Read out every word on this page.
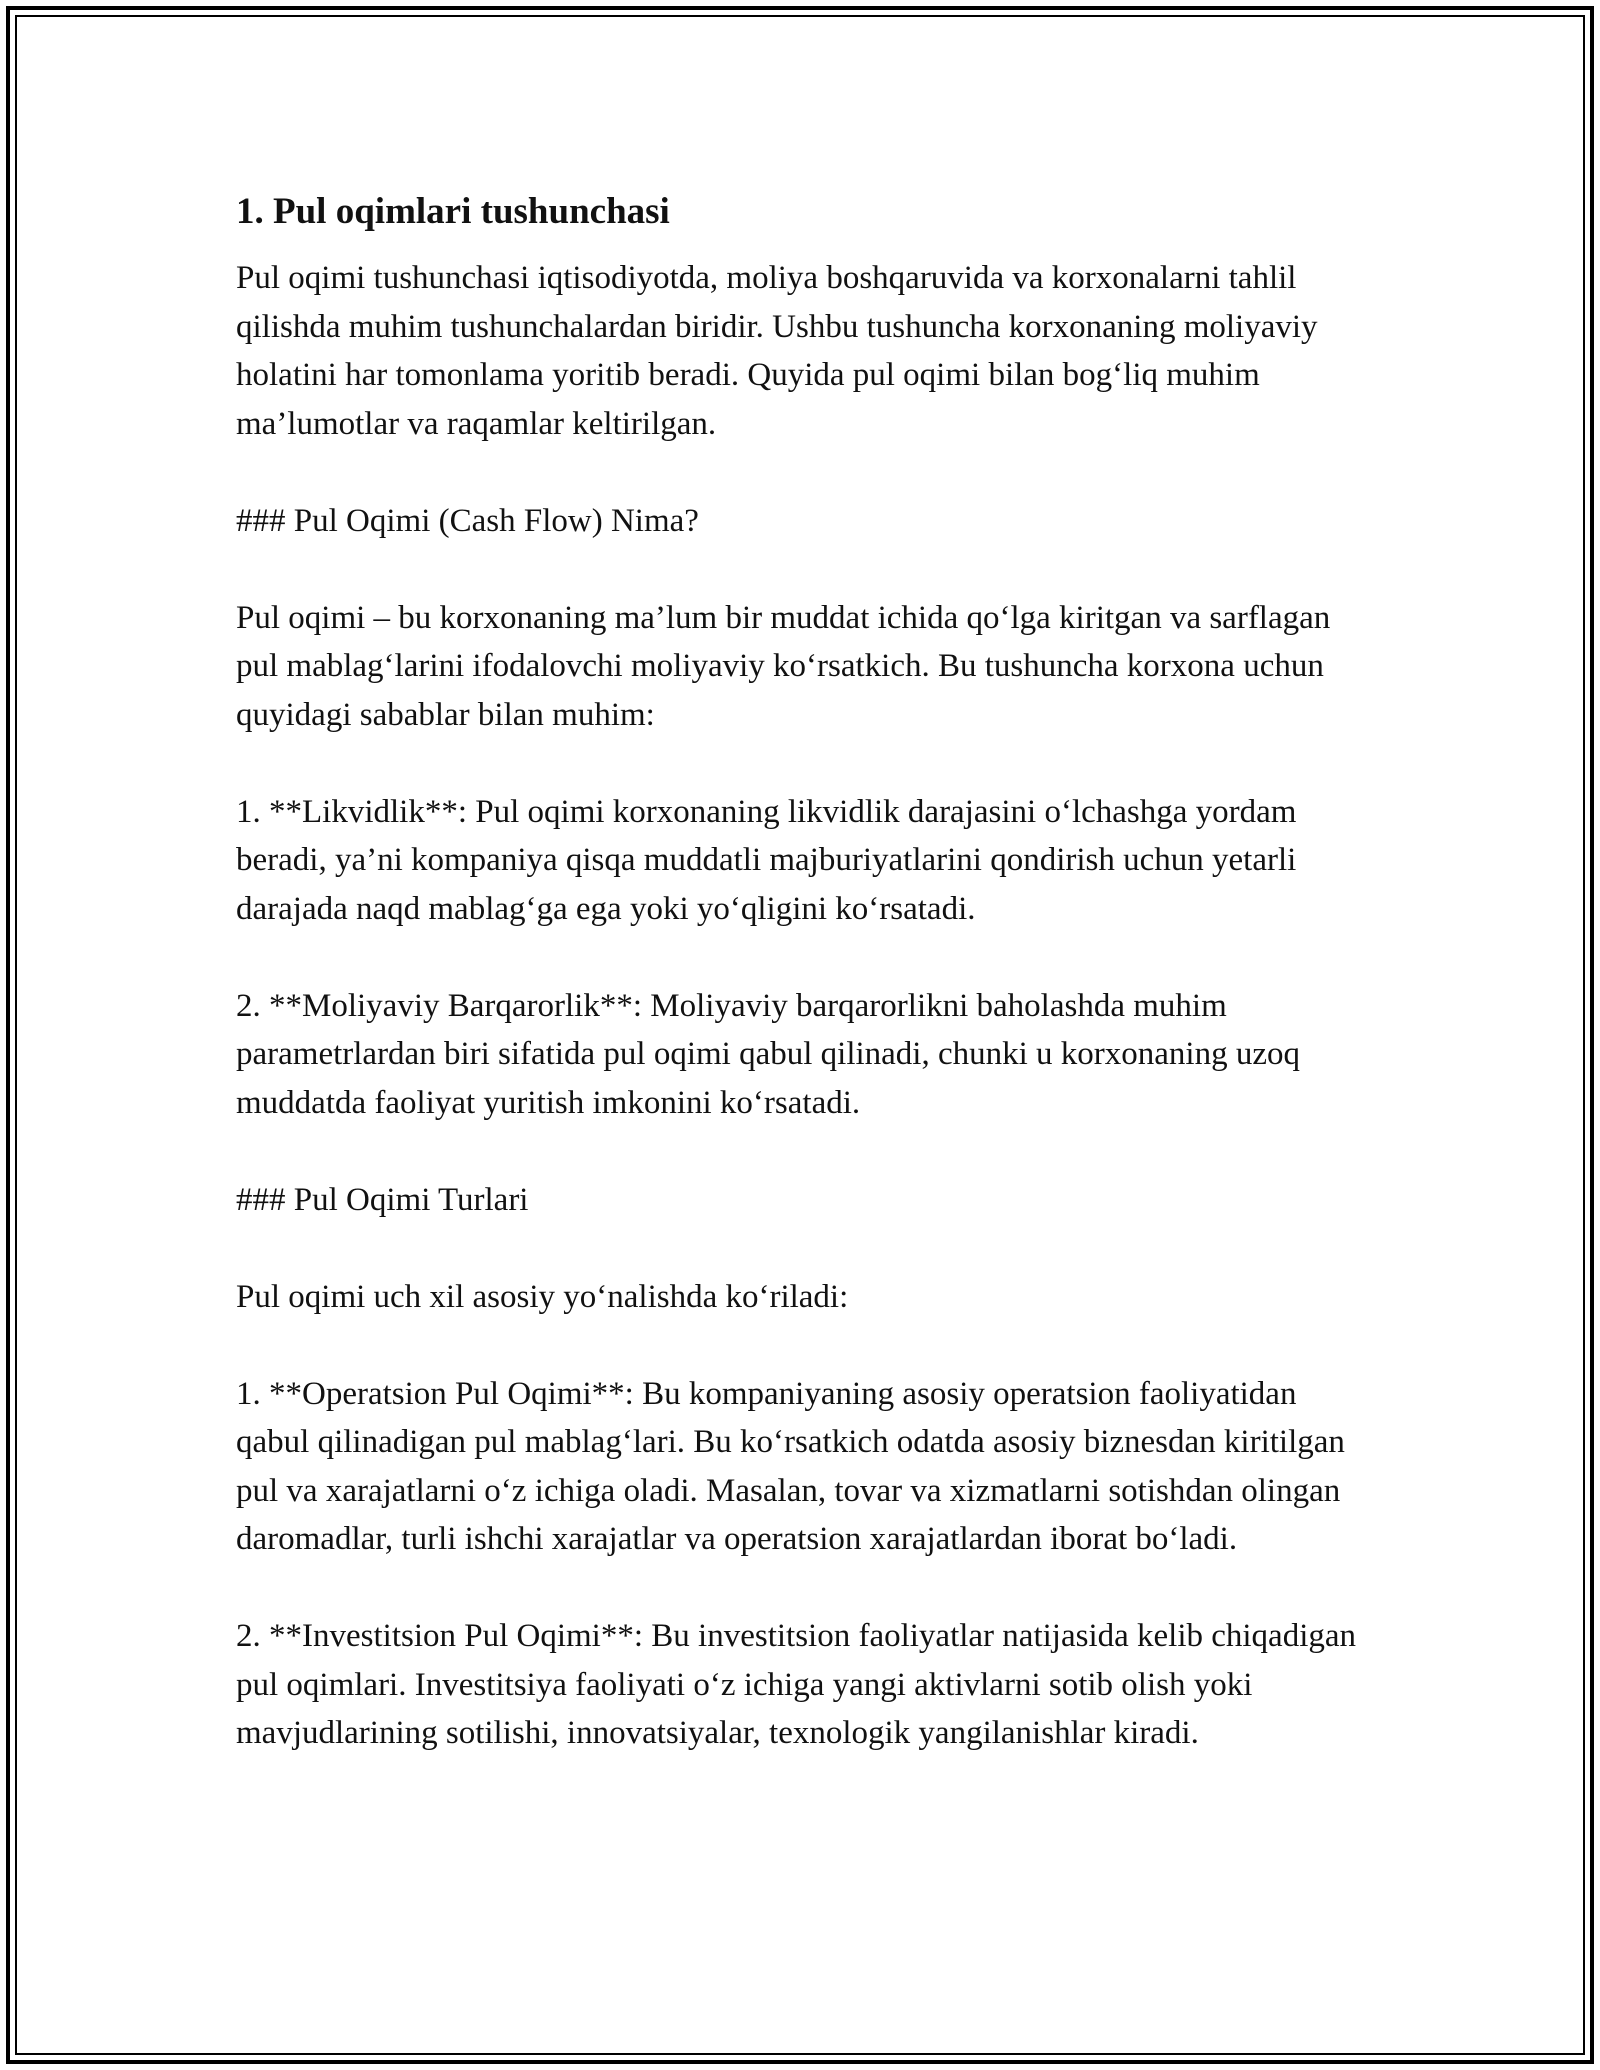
1. Pul oqimlari tushunchasi

Pul oqimi tushunchasi iqtisodiyotda, moliya boshqaruvida va korxonalarni tahlil qilishda muhim tushunchalardan biridir. Ushbu tushuncha korxonaning moliyaviy holatini har tomonlama yoritib beradi. Quyida pul oqimi bilan bog‘liq muhim ma’lumotlar va raqamlar keltirilgan.

### Pul Oqimi (Cash Flow) Nima?

Pul oqimi – bu korxonaning ma’lum bir muddat ichida qo‘lga kiritgan va sarflagan pul mablag‘larini ifodalovchi moliyaviy ko‘rsatkich. Bu tushuncha korxona uchun quyidagi sabablar bilan muhim:

1. **Likvidlik**: Pul oqimi korxonaning likvidlik darajasini o‘lchashga yordam beradi, ya’ni kompaniya qisqa muddatli majburiyatlarini qondirish uchun yetarli darajada naqd mablag‘ga ega yoki yo‘qligini ko‘rsatadi.

2. **Moliyaviy Barqarorlik**: Moliyaviy barqarorlikni baholashda muhim parametrlardan biri sifatida pul oqimi qabul qilinadi, chunki u korxonaning uzoq muddatda faoliyat yuritish imkonini ko‘rsatadi.

### Pul Oqimi Turlari

Pul oqimi uch xil asosiy yo‘nalishda ko‘riladi:

1. **Operatsion Pul Oqimi**: Bu kompaniyaning asosiy operatsion faoliyatidan qabul qilinadigan pul mablag‘lari. Bu ko‘rsatkich odatda asosiy biznesdan kiritilgan pul va xarajatlarni o‘z ichiga oladi. Masalan, tovar va xizmatlarni sotishdan olingan daromadlar, turli ishchi xarajatlar va operatsion xarajatlardan iborat bo‘ladi.

2. **Investitsion Pul Oqimi**: Bu investitsion faoliyatlar natijasida kelib chiqadigan pul oqimlari. Investitsiya faoliyati o‘z ichiga yangi aktivlarni sotib olish yoki mavjudlarining sotilishi, innovatsiyalar, texnologik yangilanishlar kiradi.
